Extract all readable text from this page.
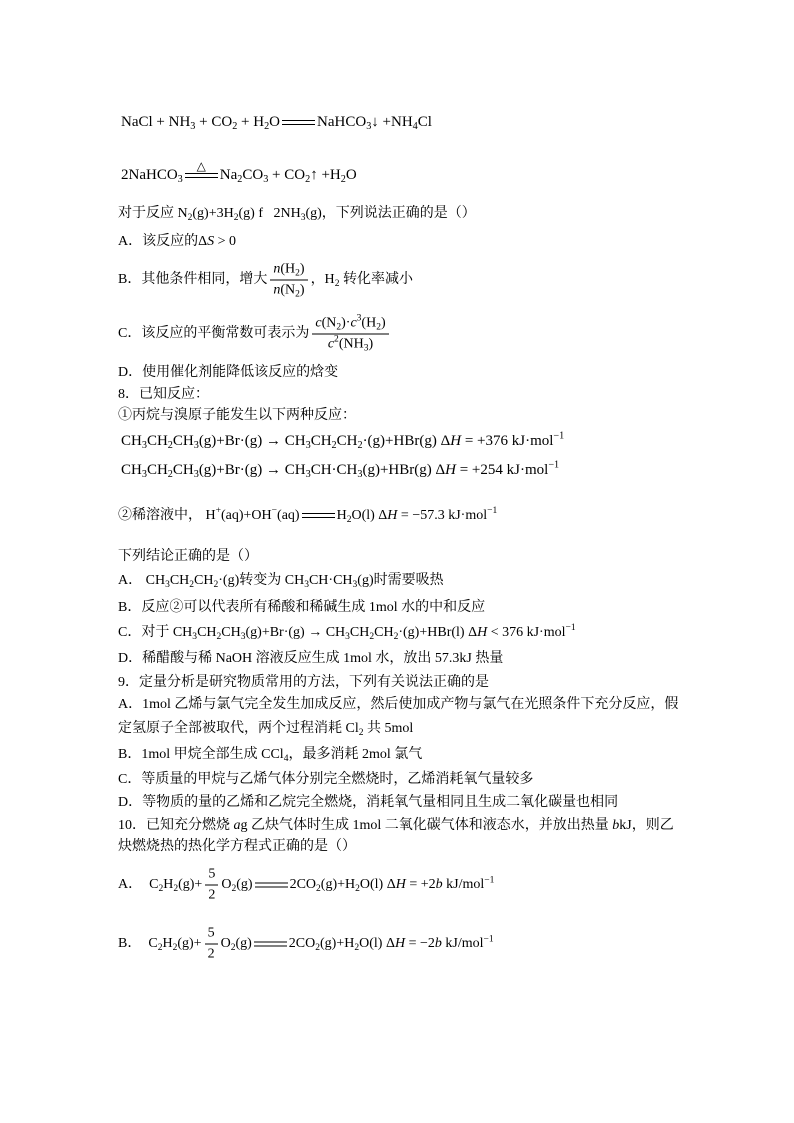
NaCl + $NH_3 + CO_2 + H_2O$ NaHCO$_3$↓ $+NH_4Cl$
2NaHCO$_3$
△
$Na_2CO_3$ + $CO_2↑ +H_2O$
对于反应 $N_2(g)+3H_2(g)$ f   $2NH_3(g)$，下列说法正确的是（）
A．该反应的ΔS > 0
B．其他条件相同，增大 $\frac{n(H_2)}{n(N_2)}$ ，$H_2$ 转化率减小
C．该反应的平衡常数可表示为 $\frac{c(N_2)\cdot c^3(H_2)}{c^2(NH_3)}$
D．使用催化剂能降低该反应的焓变
8．已知反应：
①丙烷与溴原子能发生以下两种反应：
$CH_3CH_2CH_3(g)+Br\cdot(g) \to CH_3CH_2CH_2\cdot(g)+HBr(g) \Delta H = +376$ kJ·mol$^{-1}$
$CH_3CH_2CH_3(g)+Br\cdot(g) \to CH_3CH\cdot CH_3(g)+HBr(g) \Delta H = +254$ kJ·mol$^{-1}$
②稀溶液中， H+(aq)+OH−(aq)	$H_2O(l) \Delta H = -57.3$ kJ·mol$^{-1}$
下列结论正确的是（）
A． $CH_3CH_2CH_2\cdot(g)$转变为 $CH_3CH\cdot CH_3(g)$时需要吸热
B．反应②可以代表所有稀酸和稀碱生成 1mol 水的中和反应
C．对于 $CH_3CH_2CH_3(g)+Br\cdot(g) \to CH_3CH_2CH_2\cdot(g)+HBr(l) \Delta H < 376$ kJ·mol$^{-1}$
D．稀醋酸与稀 NaOH 溶液反应生成 1mol 水，放出 57.3kJ 热量
9．定量分析是研究物质常用的方法，下列有关说法正确的是
A．1mol 乙烯与氯气完全发生加成反应，然后使加成产物与氯气在光照条件下充分反应，假
定氢原子全部被取代，两个过程消耗 $Cl_2$ 共 5mol
B．1mol 甲烷全部生成 CCl$_4$，最多消耗 2mol 氯气
C．等质量的甲烷与乙烯气体分别完全燃烧时，乙烯消耗氧气量较多
D．等物质的量的乙烯和乙烷完全燃烧，消耗氧气量相同且生成二氧化碳量也相同
10．已知充分燃烧 ag 乙炔气体时生成 1mol 二氧化碳气体和液态水，并放出热量 bkJ，则乙
炔燃烧热的热化学方程式正确的是（）
A．  $C_2H_2(g)+ \frac{5}{2} O_2(g)$	$2CO_2(g)+H_2O(l) \Delta H = +2b$ kJ/mol$^{-1}$
B．  $C_2H_2(g)+ \frac{5}{2} O_2(g)$	$2CO_2(g)+H_2O(l) \Delta H = -2b$ kJ/mol$^{-1}$
